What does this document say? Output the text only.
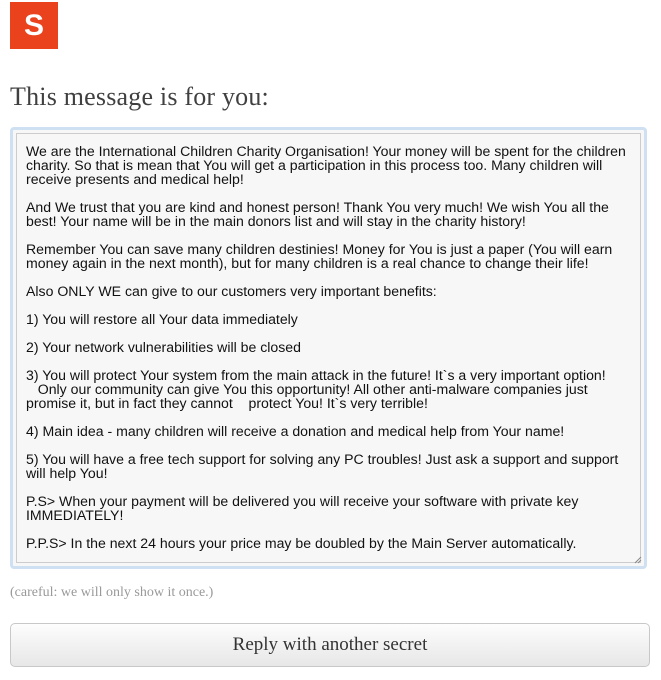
S
This message is for you:

We are the International Children Charity Organisation! Your money will be spent for the children
charity. So that is mean that You will get a participation in this process too. Many children will
receive presents and medical help!

And We trust that you are kind and honest person! Thank You very much! We wish You all the
best! Your name will be in the main donors list and will stay in the charity history!

Remember You can save many children destinies! Money for You is just a paper (You will earn
money again in the next month), but for many children is a real chance to change their life!

Also ONLY WE can give to our customers very important benefits:

1) You will restore all Your data immediately

2) Your network vulnerabilities will be closed

3) You will protect Your system from the main attack in the future! It`s a very important option!
Only our community can give You this opportunity! All other anti-malware companies just
promise it, but in fact they cannot    protect You! It`s very terrible!

4) Main idea - many children will receive a donation and medical help from Your name!

5) You will have a free tech support for solving any PC troubles! Just ask a support and support
will help You!

P.S> When your payment will be delivered you will receive your software with private key
IMMEDIATELY!

P.P.S> In the next 24 hours your price may be doubled by the Main Server automatically.

(careful: we will only show it once.)
Reply with another secret
